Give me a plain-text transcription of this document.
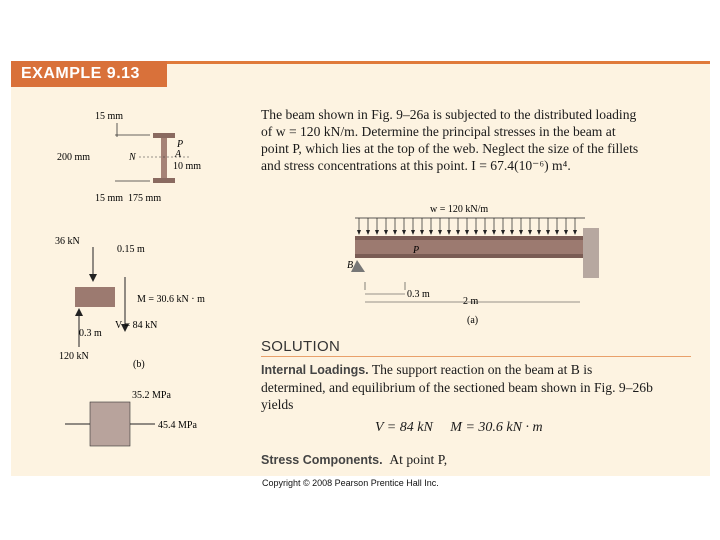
EXAMPLE 9.13
The beam shown in Fig. 9–26a is subjected to the distributed loading
of w = 120 kN/m. Determine the principal stresses in the beam at
point P, which lies at the top of the web. Neglect the size of the fillets
and stress concentrations at this point. I = 67.4(10⁻⁶) m⁴.
SOLUTION
Internal Loadings. The support reaction on the beam at B is
determined, and equilibrium of the sectioned beam shown in Fig. 9–26b
yields
V = 84 kN     M = 30.6 kN · m
Stress Components. At point P,
15 mm
200 mm	N	A
P
10 mm
15 mm  175 mm
w = 120 kN/m
B
P
0.3 m
2 m
(a)
36 kN
0.15 m
M = 30.6 kN · m
V = 84 kN
0.3 m
120 kN
(b)
35.2 MPa
45.4 MPa
Copyright © 2008 Pearson Prentice Hall Inc.
